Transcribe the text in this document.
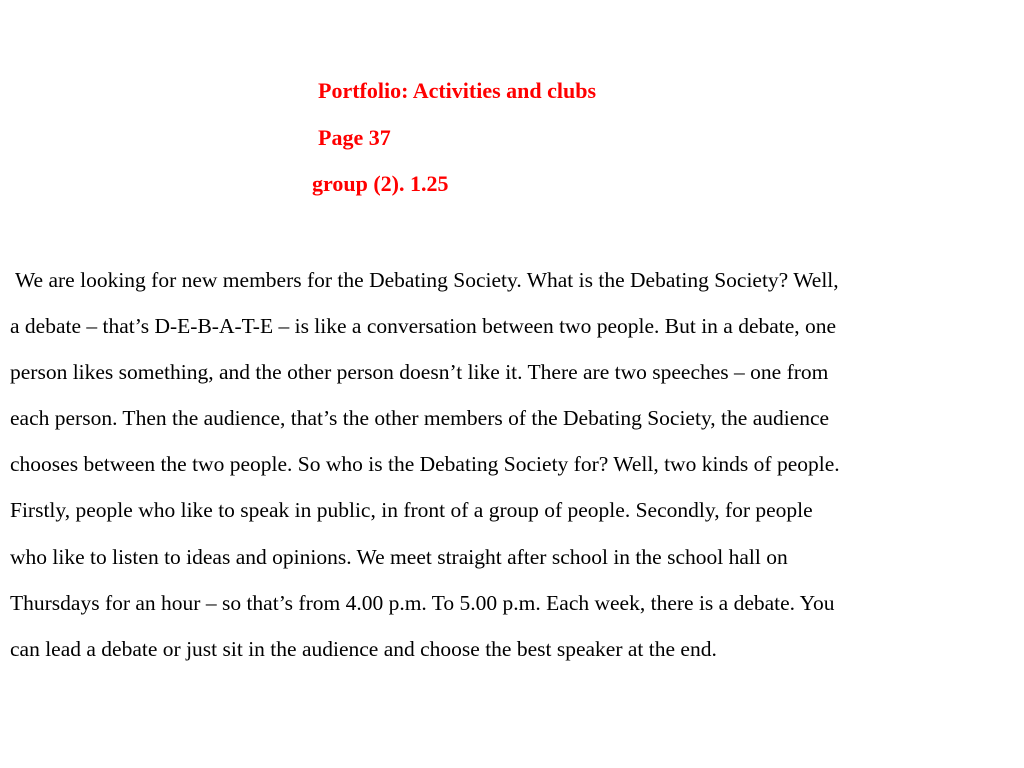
Portfolio: Activities and clubs
Page 37
group (2). 1.25
We are looking for new members for the Debating Society. What is the Debating Society? Well,
a debate – that’s D-E-B-A-T-E – is like a conversation between two people. But in a debate, one
person likes something, and the other person doesn’t like it. There are two speeches – one from
each person. Then the audience, that’s the other members of the Debating Society, the audience
chooses between the two people. So who is the Debating Society for? Well, two kinds of people.
Firstly, people who like to speak in public, in front of a group of people. Secondly, for people
who like to listen to ideas and opinions. We meet straight after school in the school hall on
Thursdays for an hour – so that’s from 4.00 p.m. To 5.00 p.m. Each week, there is a debate. You
can lead a debate or just sit in the audience and choose the best speaker at the end.
